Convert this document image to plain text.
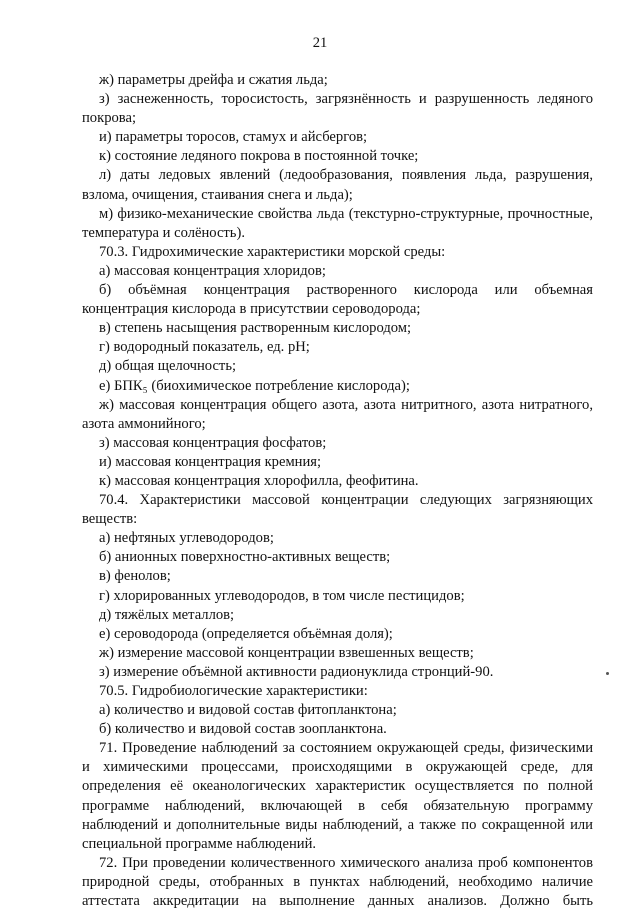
21

ж) параметры дрейфа и сжатия льда;

з) заснеженность, торосистость, загрязнённость и разрушенность ледяного покрова;

и) параметры торосов, стамух и айсбергов;

к) состояние ледяного покрова в постоянной точке;

л) даты ледовых явлений (ледообразования, появления льда, разрушения, взлома, очищения, стаивания снега и льда);

м) физико-механические свойства льда (текстурно-структурные, прочностные, температура и солёность).

70.3. Гидрохимические характеристики морской среды:

а) массовая концентрация хлоридов;

б) объёмная концентрация растворенного кислорода или объемная концентрация кислорода в присутствии сероводорода;

в) степень насыщения растворенным кислородом;

г) водородный показатель, ед. pH;

д) общая щелочность;

е) БПК₅ (биохимическое потребление кислорода);

ж) массовая концентрация общего азота, азота нитритного, азота нитратного, азота аммонийного;

з) массовая концентрация фосфатов;

и) массовая концентрация кремния;

к) массовая концентрация хлорофилла, феофитина.

70.4. Характеристики массовой концентрации следующих загрязняющих веществ:

а) нефтяных углеводородов;

б) анионных поверхностно-активных веществ;

в) фенолов;

г) хлорированных углеводородов, в том числе пестицидов;

д) тяжёлых металлов;

е) сероводорода (определяется объёмная доля);

ж) измерение массовой концентрации взвешенных веществ;

з) измерение объёмной активности радионуклида стронций-90.

70.5. Гидробиологические характеристики:

а) количество и видовой состав фитопланктона;

б) количество и видовой состав зоопланктона.

71. Проведение наблюдений за состоянием окружающей среды, физическими и химическими процессами, происходящими в окружающей среде, для определения её океанологических характеристик осуществляется по полной программе наблюдений, включающей в себя обязательную программу наблюдений и дополнительные виды наблюдений, а также по сокращенной или специальной программе наблюдений.

72. При проведении количественного химического анализа проб компонентов природной среды, отобранных в пунктах наблюдений, необходимо наличие аттестата аккредитации на выполнение данных анализов. Должно быть
